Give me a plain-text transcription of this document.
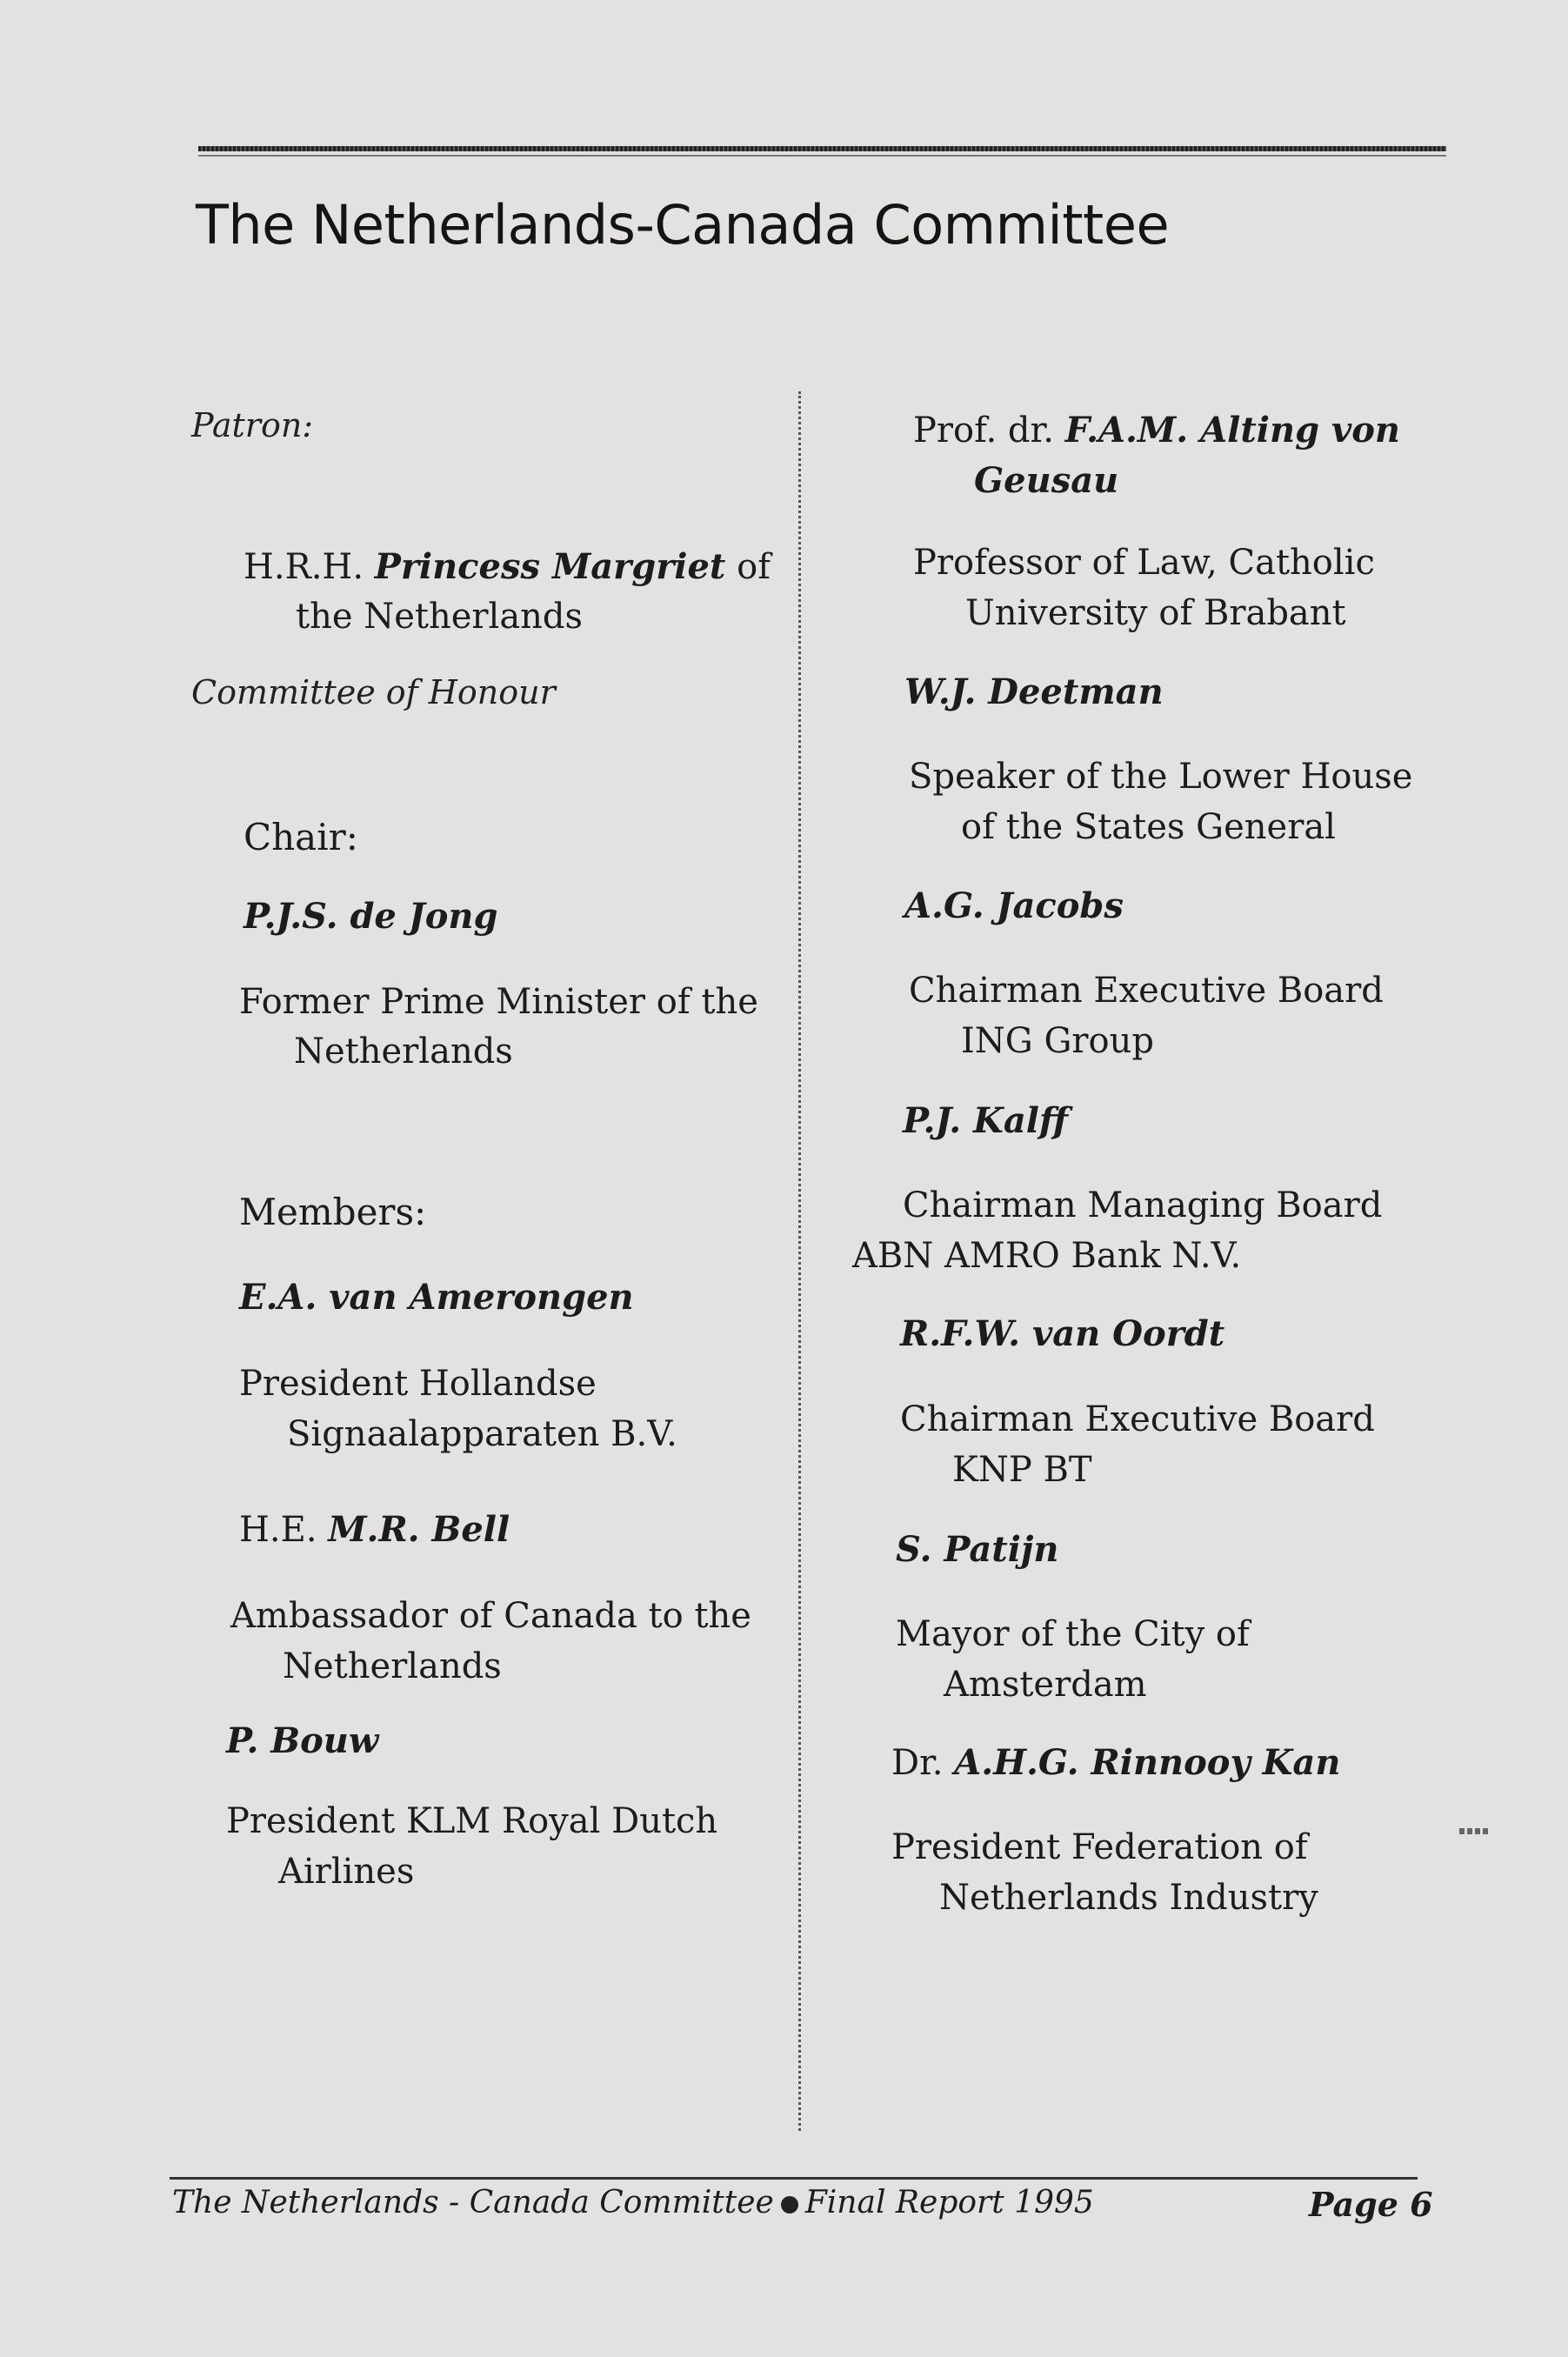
The Netherlands-Canada Committee
Patron:
H.R.H. Princess Margriet of
the Netherlands
Committee of Honour
Chair:
P.J.S. de Jong
Former Prime Minister of the
Netherlands
Members:
E.A. van Amerongen
President Hollandse
Signaalapparaten B.V.
H.E. M.R. Bell
Ambassador of Canada to the
Netherlands
P. Bouw
President KLM Royal Dutch
Airlines
Prof. dr. F.A.M. Alting von
Geusau
Professor of Law, Catholic
University of Brabant
W.J. Deetman
Speaker of the Lower House
of the States General
A.G. Jacobs
Chairman Executive Board
ING Group
P.J. Kalff
Chairman Managing Board
ABN AMRO Bank N.V.
R.F.W. van Oordt
Chairman Executive Board
KNP BT
S. Patijn
Mayor of the City of
Amsterdam
Dr. A.H.G. Rinnooy Kan
President Federation of
Netherlands Industry
The Netherlands - Canada Committee Final Report 1995	Page 6
